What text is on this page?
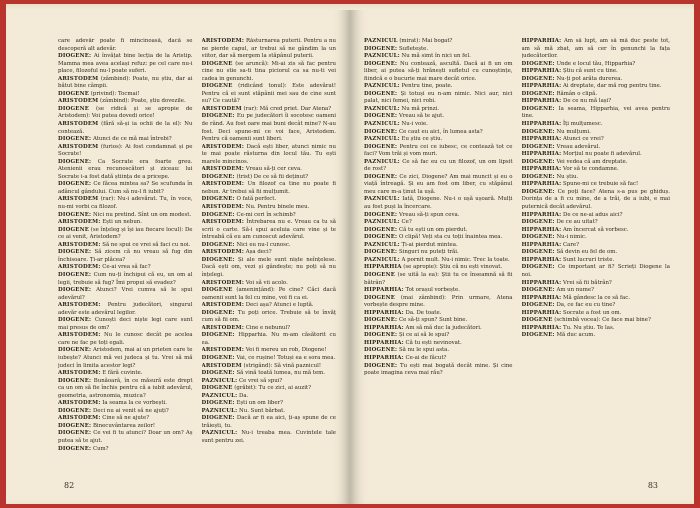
care adevăr poate fi mincinoasă, dacă se descoperă alt adevăr.
DIOGENE: Ai învățat bine lecția de la Aristip. Mamma mea avea același refuz: pe cel care nu-i place, filozoful nu-l poate suferi.
ARISTODEM (zâmbind): Poate, nu știu, dar ai bătut bine câmpii.
DIOGENE (privind): Tocmai!
ARISTODEM (zâmbind): Poate, știu dovezile.
DIOGENE (se ridică și se apropie de Aristodem): Voi putea dovedi orice!
ARISTODEM (fără să-și ia ochii de la el): Nu contează.
DIOGENE: Atunci de ce mă mai întrebi?
ARISTODEM (furios): Ai fost condamnat și pe Socrate!
DIOGENE: Ca Socrate era foarte greu. Atenienii erau recunoscători și ziceau: lui Socrate i-a fost dată știința de a pricepe.
DIOGENE: Ce făcea mintea sa? Se scufunda în adâncul gândului. Cum să nu-l fi iubit?
ARISTODEM (rar): Nu-i adevărat. Tu, în voce, nu-mi vorbi ca filozof.
DIOGENE: Nici nu pretind. Sînt un om modest.
ARISTODEM: Ești un nebun.
DIOGENE (se înțeleg și își iau fiecare locul): De ce ai venit, Aristodem?
ARISTODEM: Să ne spui ce vrei să faci cu noi.
DIOGENE: Să zicem că nu vreau să fug din închisoare. Ți-ar plăcea?
ARISTODEM: Ce-ai vrea să fac?
DIOGENE: Cum nu-ți închipui că eu, un om al legii, trebuie să fug? Îmi propui să evadez?
DIOGENE: Atunci? Vrei cumva să le spui adevărul?
ARISTODEM: Pentru judecători, singurul adevăr este adevărul legilor.
DIOGENE: Cunoști deci niște legi care sunt mai presus de om?
ARISTODEM: Nu le cunosc decât pe acelea care ne fac pe toți egali.
DIOGENE: Aristodem, mai ai un prieten care te iubește? Atunci mă vei judeca și tu. Vrei să mă judeci în limita acestor legi?
ARISTODEM: E fără cuvinte.
DIOGENE: Bunăoară, în ce măsură este drept ca un om să fie închis pentru că a iubit adevărul, geometria, astronomia, muzica?
ARISTODEM: Ia seama la ce vorbești.
DIOGENE: Deci nu ai venit să ne ajuți?
ARISTODEM: Cine să ne ajute?
DIOGENE: Binecuvântarea zeilor!
DIOGENE: Ce vei fi tu atunci? Doar un om? Aș putea să te ajut.
DIOGENE: Cum?
ARISTODEM: Răsturnarea puterii. Pentru a nu ne pierde capul, ar trebui să ne gândim la un viitor, dar să mergem la stăpânul puterii.
DIOGENE (se aruncă): Mi-ai zis să fac pentru cine nu stie sa-ti tina piciorul ca sa nu-ti vei cadea in genunchi.
DIOGENE (ridicând tonul): Este adevărat! Pentru că ei sunt stăpânii mei sau de cine sunt eu? Ce caută?
ARISTODEM (rar): Mă cred priet. Dar Atena?
DIOGENE: Eu pe judecători îi socotesc oameni de rând. Au fost oare mai buni decât mine? N-au fost. Deci spune-mi ce voi face, Aristodem. Pentru că oamenii sunt liberi.
ARISTODEM: Dacă ești liber, atunci nimic nu te mai poate răsturna din locul tău. Tu ești marele mincinos.
ARISTODEM: Vreau să-ți cer ceva.
DIOGENE: (trist) De ce să fii deținut?
ARISTODEM: Un filozof ca tine nu poate fi nebun. Ar trebui să fii mulțumit.
DIOGENE: O fată perfect.
ARISTODEM: Nu. Pentru binele meu.
DIOGENE: Ce-mi ceri în schimb?
ARISTODEM: Întrebarea nu e. Vreau ca tu să scrii o carte. Să-i spui aceluia care vine și te întreabă că eu am cunoscut adevărul.
DIOGENE: Nici eu nu-l cunosc.
ARISTODEM: Așa deci?
DIOGENE: Și ale mele sunt niște neînțelese. Dacă ești om, vezi și gândește; nu poți să nu înțelegi.
ARISTODEM: Voi să vii acolo.
DIOGENE (amenințând): Pe cine? Căci dacă oamenii sunt la fel cu mine, voi fi ca ei.
ARISTODEM: Deci așa? Atunci e luptă.
DIOGENE: Tu poți orice. Trebuie să te învăț cum să fii om.
ARISTODEM: Cine e nebunul?
DIOGENE: Hipparhia. Nu m-am căsătorit cu ea.
ARISTODEM: Vei fi mereu un rob, Diogene!
DIOGENE: Vai, ce rușine! Totuși ea e sora mea.
ARISTODEM (strigând): Să vină paznicul!
DIOGENE: Să vină toată lumea, nu mă tem.
PAZNICUL: Ce vrei să spui?
DIOGENE (grăbit): Tu ce zici, ai auzit?
PAZNICUL: Da.
DIOGENE: Ești un om liber?
PAZNICUL: Nu. Sunt bărbat.
DIOGENE: Dacă ar fi ea aici, ți-aș spune de ce trăiești, tu.
PAZNICUL: Nu-i treaba mea. Cuvintele tale sunt pentru zei.
82
PAZNICUL (mirat): Mai bogat?
DIOGENE: Sufletește.
PAZNICUL: Nu mă simt în nici un fel.
DIOGENE: Nu contează, ascultă. Dacă ai fi un om liber, ai putea să-ți hrănești sufletul cu cunoștințe, fiindcă e o bucurie mai mare decât orice.
PAZNICUL: Pentru tine, poate.
DIOGENE: Și totuși eu n-am nimic. Nici aur, nici palat, nici femei, nici robi.
PAZNICUL: Nu mă prinzi.
DIOGENE: Vreau să te ajut.
PAZNICUL: Nu-i voie.
DIOGENE: Ce caut eu aici, în lumea asta?
PAZNICUL: Eu știu ce știu.
DIOGENE: Pentru cei ce iubesc, ce contează tot ce faci? Vom trăi și vom muri.
PAZNICUL: Ce să fac eu cu un filozof, un om lipsit de rost?
DIOGENE: Ce zici, Diogene? Am mai muncit și eu o viață întreagă. Și eu am fost om liber, cu stăpânul meu care m-a ținut la ușă.
PAZNICUL: Iată, Diogene. Nu-i o ușă ușoară. Mulți au fost puși la încercare.
DIOGENE: Vreau să-ți spun ceva.
PAZNICUL: Ce?
DIOGENE: Că tu ești un om pierdut.
DIOGENE: O clipă! Veți sta cu toții înaintea mea.
PAZNICUL: Ți-ai pierdut mintea.
DIOGENE: Singuri nu puteți trăi.
PAZNICUL: A pornit mult. Nu-i nimic. Trec la toate.
HIPPARHIA (se apropie): Știu că nu ești vinovat.
DIOGENE (se uită la ea): Știi tu ce înseamnă să fii bătrân?
HIPPARHIA: Tot orașul vorbește.
DIOGENE (mai zâmbind): Prin urmare, Atena vorbește despre mine.
HIPPARHIA: Da. De toate.
DIOGENE: Ce să-ți spun? Sunt bine.
HIPPARHIA: Am să mă duc la judecători.
DIOGENE: Și ce ai să le spui?
HIPPARHIA: Că tu ești nevinovat.
DIOGENE: Să nu le spui asta.
HIPPARHIA: Ce-ai de făcut?
DIOGENE: Tu ești mai bogată decât mine. Și cine poate imagina ceva mai rău?
HIPPARHIA: Am să lupt, am să mă duc peste tot, am să mă zbat, am să cer în genunchi la fața judecătorilor.
DIOGENE: Unde e locul tău, Hipparhia?
HIPPARHIA: Știu că sunt cu tine.
DIOGENE: Nu-ți pot arăta durerea.
HIPPARHIA: Ai dreptate, dar mă rog pentru tine.
DIOGENE: Rămân o clipă.
HIPPARHIA: De ce nu mă lași?
DIOGENE: Ia seama, Hipparhia, vei avea pentru tine.
HIPPARHIA: Îți mulțumesc.
DIOGENE: Nu mulțumi.
HIPPARHIA: Atunci ce vrei?
DIOGENE: Vreau adevărul.
HIPPARHIA: Morțiul nu poate fi adevărul.
DIOGENE: Vei vedea că am dreptate.
HIPPARHIA: Vor să te condamne.
DIOGENE: Nu știu.
HIPPARHIA: Spune-mi ce trebuie să fac!
DIOGENE: Ce poți face? Atena s-a pus pe ghiduș. Dorința de a fi cu mine, de a trăi, de a iubi, e mai puternică decât adevărul.
HIPPARHIA: De ce ne-ai adus aici?
DIOGENE: De ce au uitat?
HIPPARHIA: Am încercat să vorbesc.
DIOGENE: Nu-i nimic.
HIPPARHIA: Care?
DIOGENE: Să devin eu fel de om.
HIPPARHIA: Sunt lucruri triste.
DIOGENE: Ce important ar fi? Scrieți Diogene la noi.
HIPPARHIA: Vrei să fii bătrân?
DIOGENE: Am un nume?
HIPPARHIA: Mă gândesc la ce să fac.
DIOGENE: Da, ce fac eu cu tine?
HIPPARHIA: Socrate a fost un om.
DIOGENE (schimbă vocea): Ce face mai bine?
HIPPARHIA: Tu. Nu știu. Te las.
DIOGENE: Mă duc acum.
83
